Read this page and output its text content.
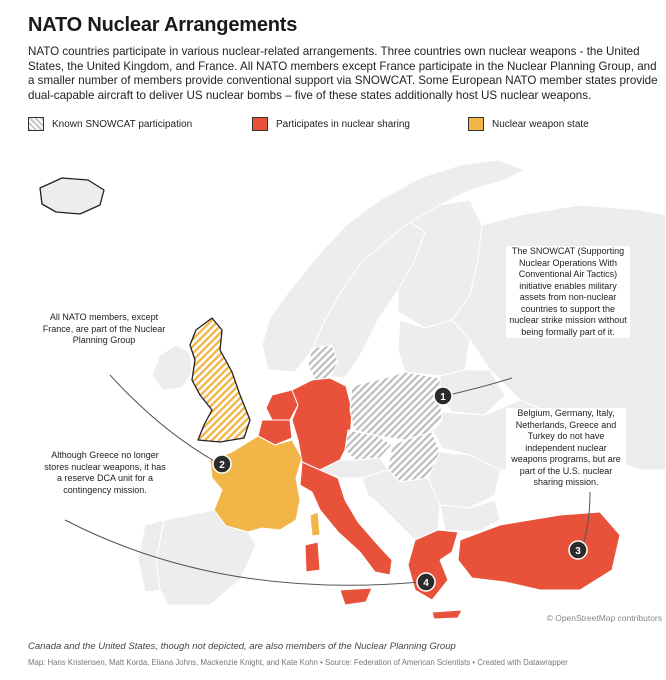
NATO Nuclear Arrangements
NATO countries participate in various nuclear-related arrangements. Three countries own nuclear weapons - the United States, the United Kingdom, and France. All NATO members except France participate in the Nuclear Planning Group, and a smaller number of members provide conventional support via SNOWCAT. Some European NATO member states provide dual-capable aircraft to deliver US nuclear bombs – five of these states additionally host US nuclear weapons.
Known SNOWCAT participation	Participates in nuclear sharing	Nuclear weapon state
1
2
3
4
The SNOWCAT (Supporting Nuclear Operations With Conventional Air Tactics) initiative enables military assets from non-nuclear countries to support the nuclear strike mission without being formally part of it.
All NATO members, except France, are part of the Nuclear Planning Group
Belgium, Germany, Italy, Netherlands, Greece and Turkey do not have independent nuclear weapons programs, but are part of the U.S. nuclear sharing mission.
Although Greece no longer stores nuclear weapons, it has a reserve DCA unit for a contingency mission.
© OpenStreetMap contributors
Canada and the United States, though not depicted, are also members of the Nuclear Planning Group
Map: Hans Kristensen, Matt Korda, Eliana Johns, Mackenzie Knight, and Kate Kohn • Source: Federation of American Scientists • Created with Datawrapper
